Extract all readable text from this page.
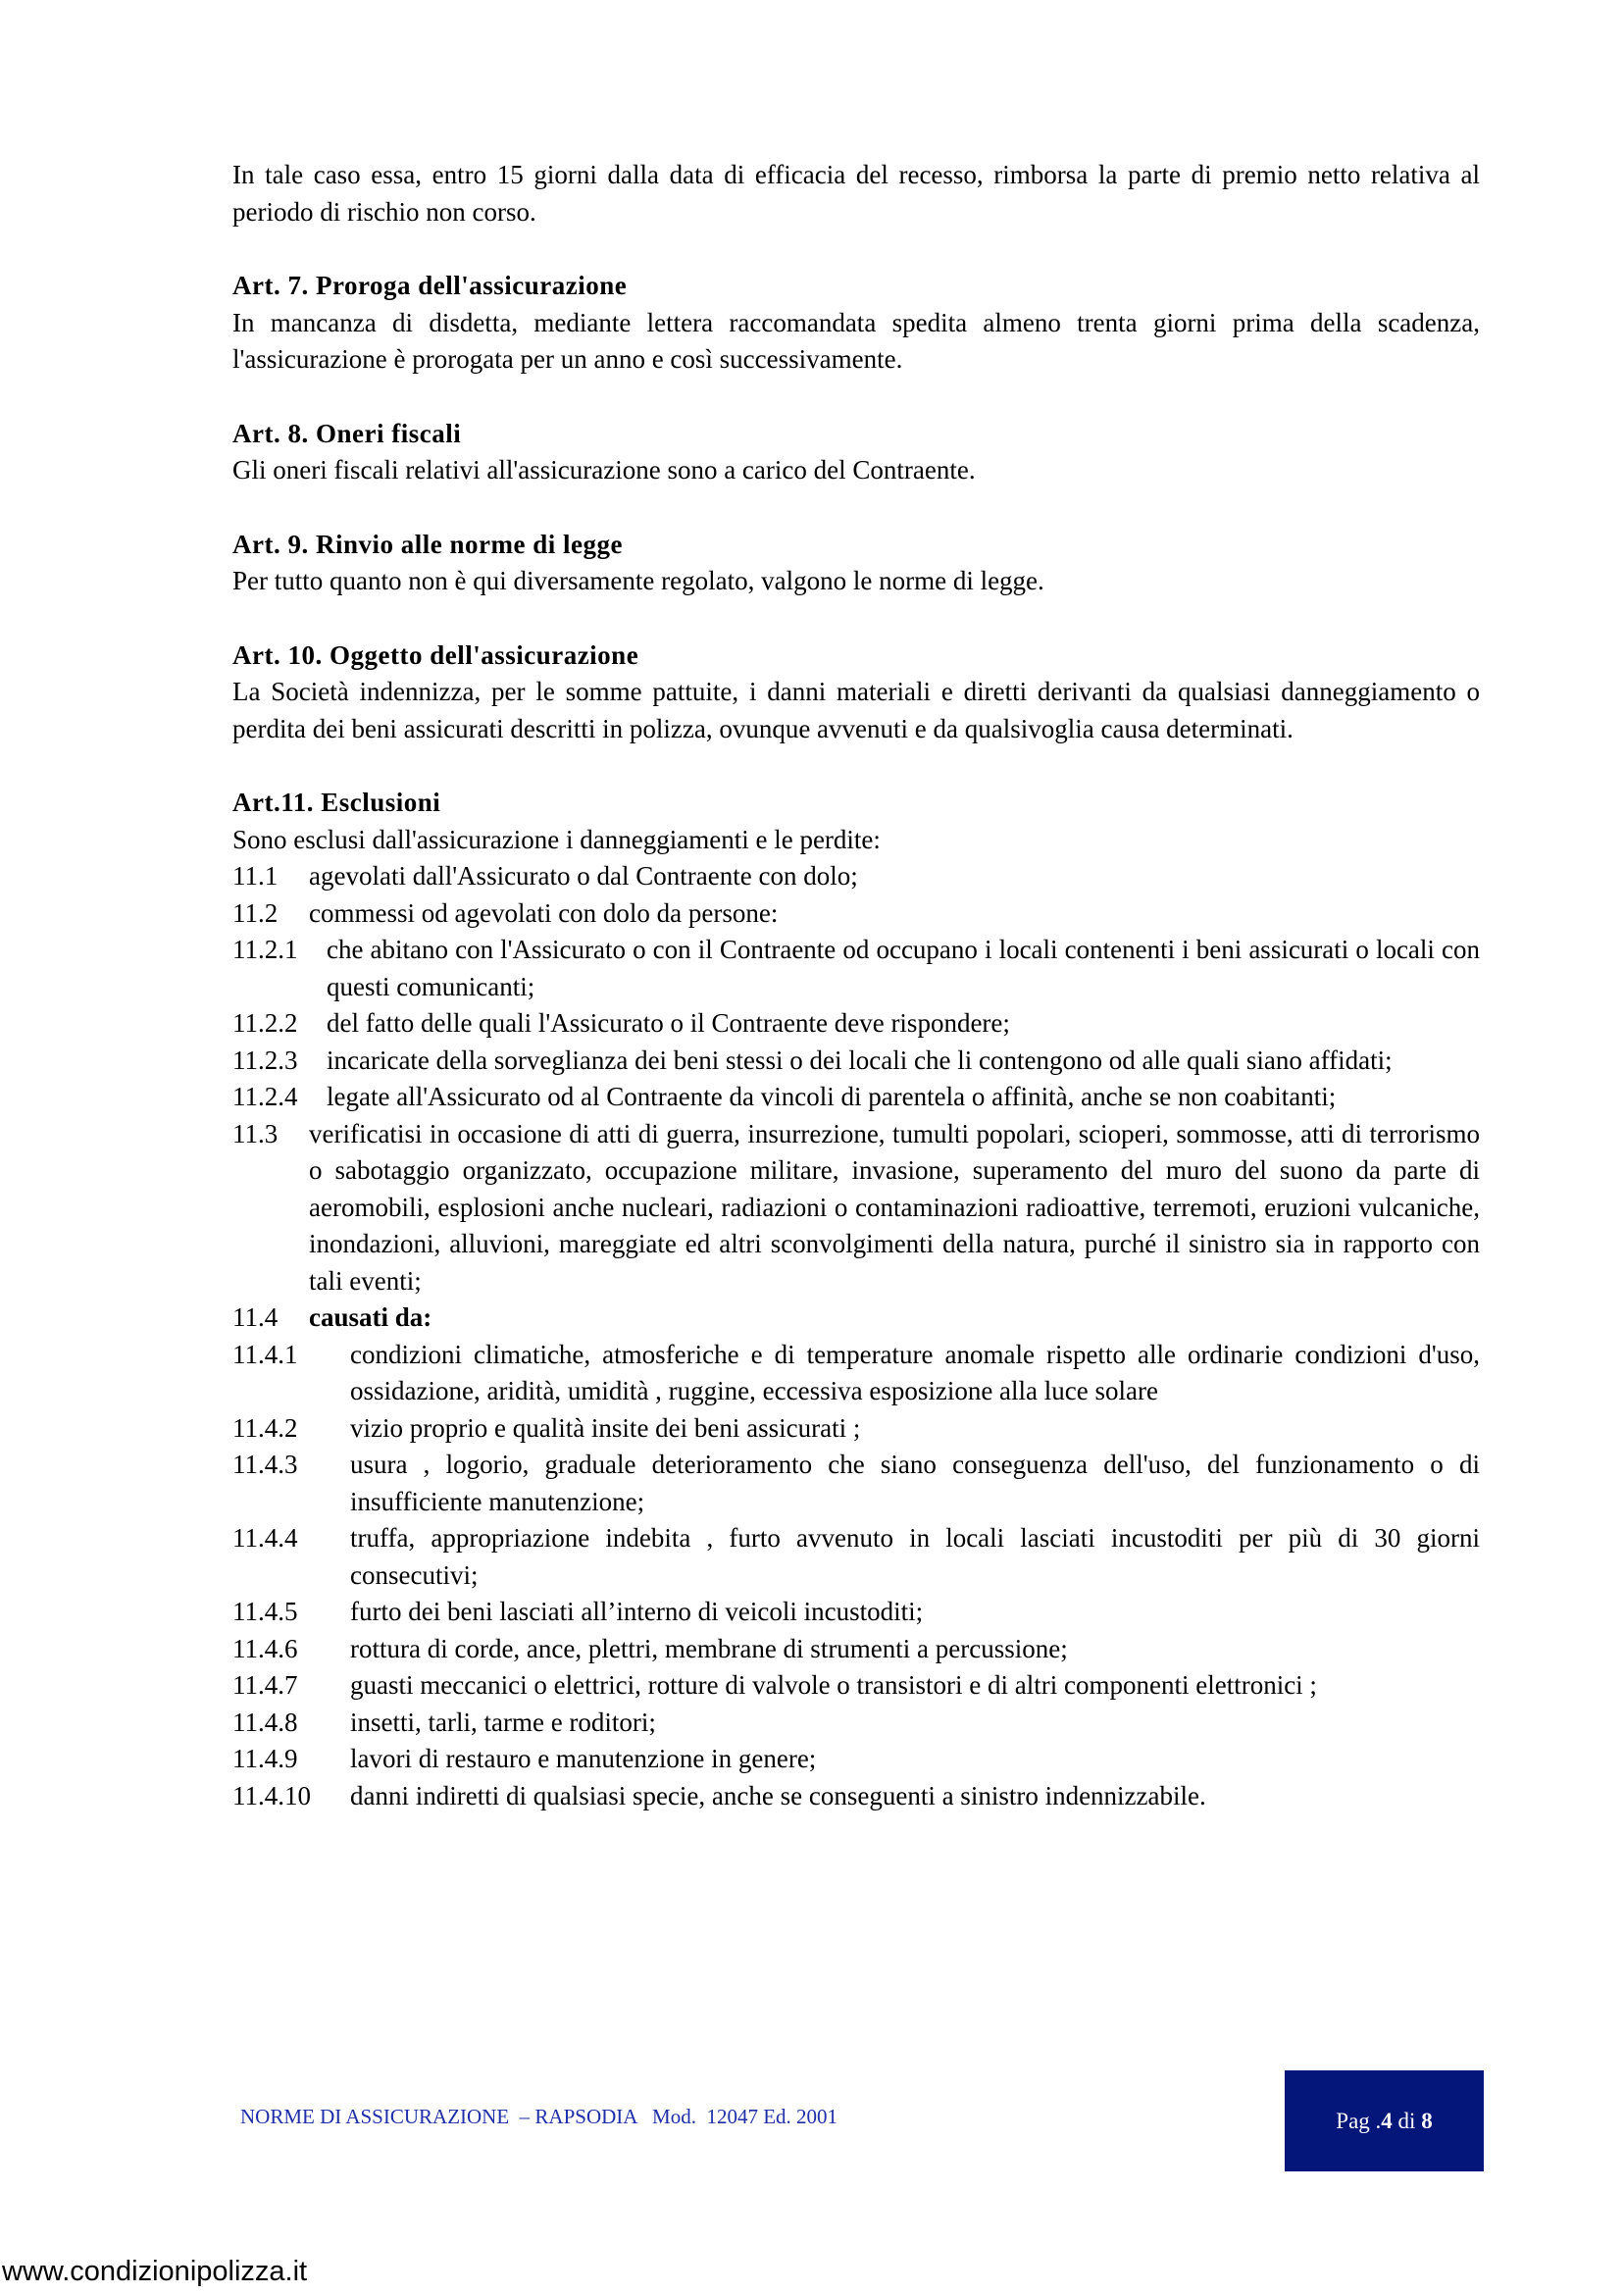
In tale caso essa, entro 15 giorni dalla data di efficacia del recesso, rimborsa la parte di premio netto relativa al periodo di rischio non corso.

Art. 7. Proroga dell'assicurazione

In mancanza di disdetta, mediante lettera raccomandata spedita almeno trenta giorni prima della scadenza, l'assicurazione è prorogata per un anno e così successivamente.

Art. 8. Oneri fiscali

Gli oneri fiscali relativi all'assicurazione sono a carico del Contraente.

Art. 9. Rinvio alle norme di legge

Per tutto quanto non è qui diversamente regolato, valgono le norme di legge.

Art. 10. Oggetto dell'assicurazione

La Società indennizza, per le somme pattuite, i danni materiali e diretti derivanti da qualsiasi danneggiamento o perdita dei beni assicurati descritti in polizza, ovunque avvenuti e da qualsivoglia causa determinati.

Art.11. Esclusioni

Sono esclusi dall'assicurazione i danneggiamenti e le perdite:

11.1	agevolati dall'Assicurato o dal Contraente con dolo;
11.2	commessi od agevolati con dolo da persone:
11.2.1	che abitano con l'Assicurato o con il Contraente od occupano i locali contenenti i beni assicurati o locali con questi comunicanti;
11.2.2	del fatto delle quali l'Assicurato o il Contraente deve rispondere;
11.2.3	incaricate della sorveglianza dei beni stessi o dei locali che li contengono od alle quali siano affidati;
11.2.4	legate all'Assicurato od al Contraente da vincoli di parentela o affinità, anche se non coabitanti;
11.3	verificatisi in occasione di atti di guerra, insurrezione, tumulti popolari, scioperi, sommosse, atti di terrorismo o sabotaggio organizzato, occupazione militare, invasione, superamento del muro del suono da parte di aeromobili, esplosioni anche nucleari, radiazioni o contaminazioni radioattive, terremoti, eruzioni vulcaniche, inondazioni, alluvioni, mareggiate ed altri sconvolgimenti della natura, purché il sinistro sia in rapporto con tali eventi;
11.4	causati da:
11.4.1	condizioni climatiche, atmosferiche e di temperature anomale rispetto alle ordinarie condizioni d'uso, ossidazione, aridità, umidità , ruggine, eccessiva esposizione alla luce solare
11.4.2	vizio proprio e qualità insite dei beni assicurati ;
11.4.3	usura , logorio, graduale deterioramento che siano conseguenza dell'uso, del funzionamento o di insufficiente manutenzione;
11.4.4	truffa, appropriazione indebita , furto avvenuto in locali lasciati incustoditi per più di 30 giorni consecutivi;
11.4.5	furto dei beni lasciati all’interno di veicoli incustoditi;
11.4.6	rottura di corde, ance, plettri, membrane di strumenti a percussione;
11.4.7	guasti meccanici o elettrici, rotture di valvole o transistori e di altri componenti elettronici ;
11.4.8	insetti, tarli, tarme e roditori;
11.4.9	lavori di restauro e manutenzione in genere;
11.4.10	danni indiretti di qualsiasi specie, anche se conseguenti a sinistro indennizzabile.
NORME DI ASSICURAZIONE  – RAPSODIA   Mod.  12047 Ed. 2001	Pag . 4 di 8
www.condizionipolizza.it
